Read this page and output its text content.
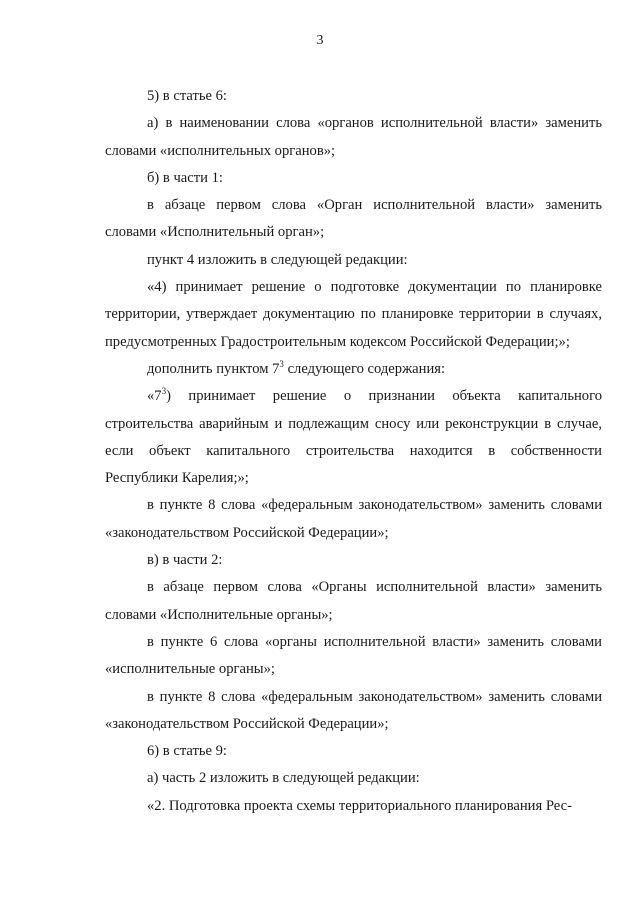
3

5) в статье 6:

а) в наименовании слова «органов исполнительной власти» заменить словами «исполнительных органов»;

б) в части 1:

в абзаце первом слова «Орган исполнительной власти» заменить словами «Исполнительный орган»;

пункт 4 изложить в следующей редакции:

«4) принимает решение о подготовке документации по планировке территории, утверждает документацию по планировке территории в случаях, предусмотренных Градостроительным кодексом Российской Федерации;»;

дополнить пунктом $7^3$ следующего содержания:

«$7^3$) принимает решение о признании объекта капитального строительства аварийным и подлежащим сносу или реконструкции в случае, если объект капитального строительства находится в собственности Республики Карелия;»;

в пункте 8 слова «федеральным законодательством» заменить словами «законодательством Российской Федерации»;

в) в части 2:

в абзаце первом слова «Органы исполнительной власти» заменить словами «Исполнительные органы»;

в пункте 6 слова «органы исполнительной власти» заменить словами «исполнительные органы»;

в пункте 8 слова «федеральным законодательством» заменить словами «законодательством Российской Федерации»;

6) в статье 9:

а) часть 2 изложить в следующей редакции:

«2. Подготовка проекта схемы территориального планирования Рес-
